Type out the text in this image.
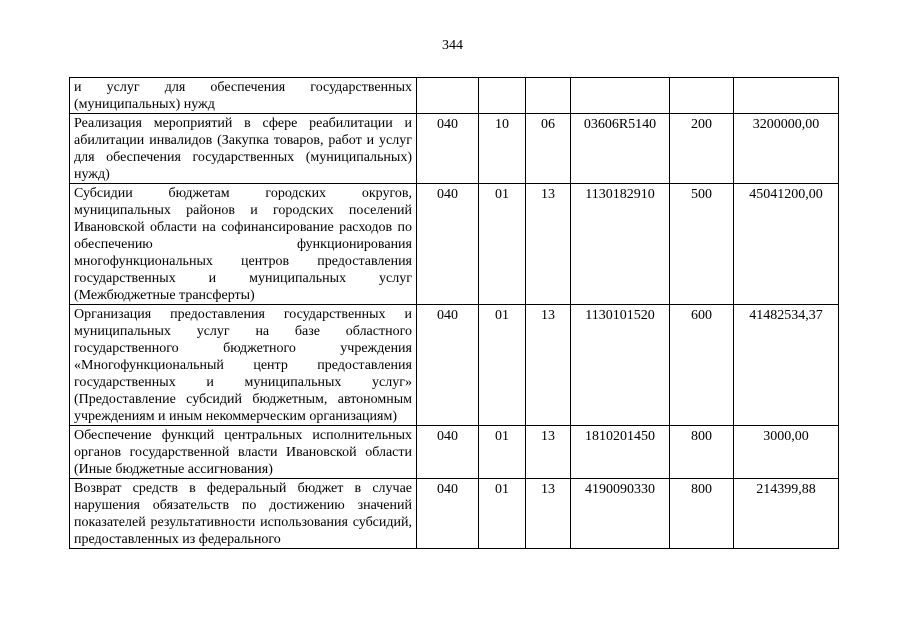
344
и услуг для обеспечения государственных (муниципальных) нужд						
Реализация мероприятий в сфере реабилитации и абилитации инвалидов (Закупка товаров, работ и услуг для обеспечения государственных (муниципальных) нужд)	040	10	06	03606R5140	200	3200000,00
Субсидии бюджетам городских округов, муниципальных районов и городских поселений Ивановской области на софинансирование расходов по обеспечению функционирования многофункциональных центров предоставления государственных и муниципальных услуг (Межбюджетные трансферты)	040	01	13	1130182910	500	45041200,00
Организация предоставления государственных и муниципальных услуг на базе областного государственного бюджетного учреждения «Многофункциональный центр предоставления государственных и муниципальных услуг» (Предоставление субсидий бюджетным, автономным учреждениям и иным некоммерческим организациям)	040	01	13	1130101520	600	41482534,37
Обеспечение функций центральных исполнительных органов государственной власти Ивановской области (Иные бюджетные ассигнования)	040	01	13	1810201450	800	3000,00
Возврат средств в федеральный бюджет в случае нарушения обязательств по достижению значений показателей результативности использования субсидий, предоставленных из федерального	040	01	13	4190090330	800	214399,88
